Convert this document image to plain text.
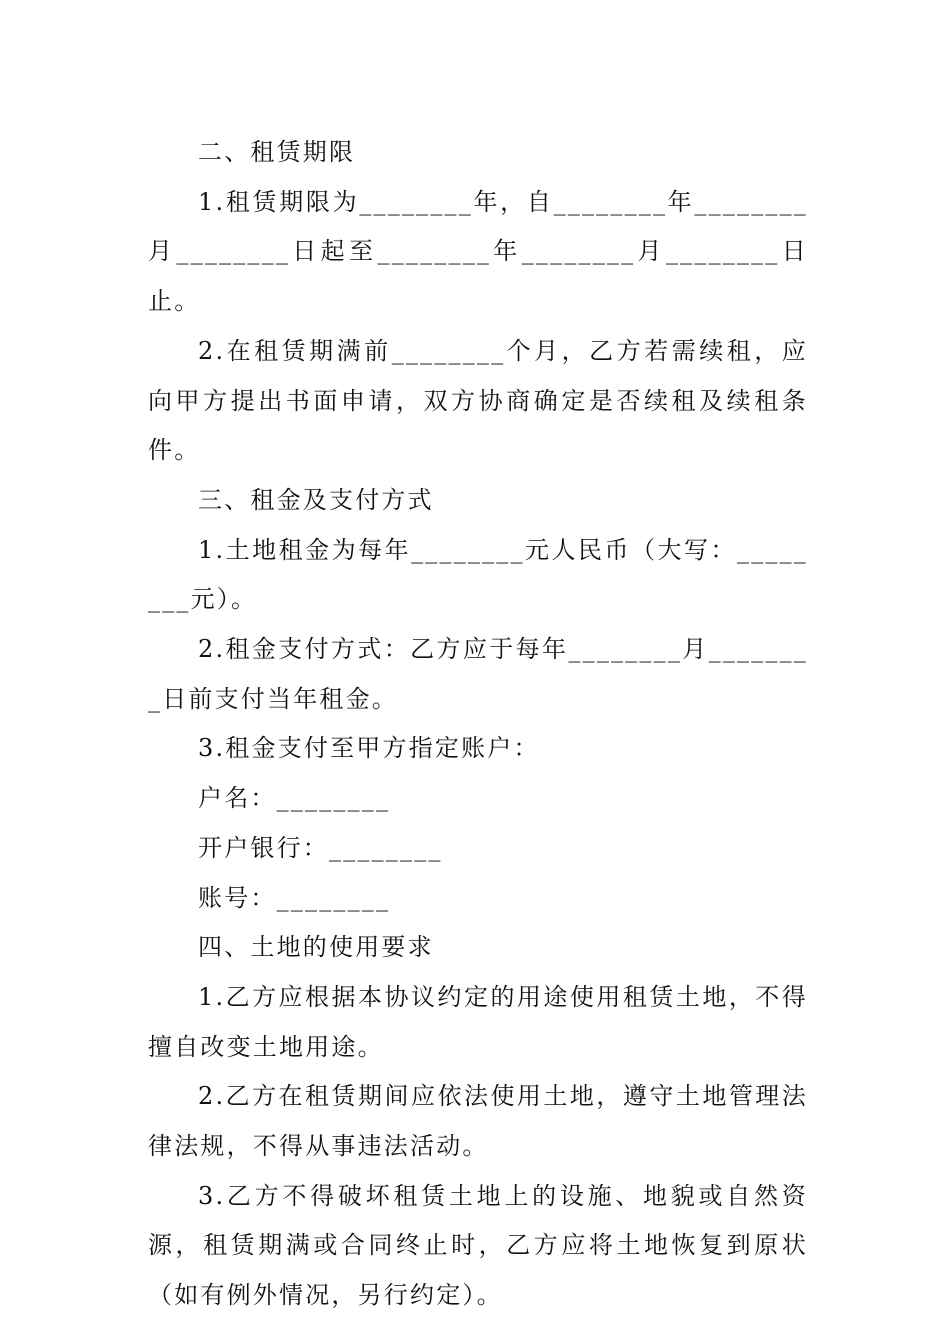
二、租赁期限

1.租赁期限为________年，自________年________月________日起至________年________月________日止。

2.在租赁期满前________个月，乙方若需续租，应向甲方提出书面申请，双方协商确定是否续租及续租条件。

三、租金及支付方式

1.土地租金为每年________元人民币（大写：________元）。

2.租金支付方式：乙方应于每年________月________日前支付当年租金。

3.租金支付至甲方指定账户：

户名：________

开户银行：________

账号：________

四、土地的使用要求

1.乙方应根据本协议约定的用途使用租赁土地，不得擅自改变土地用途。

2.乙方在租赁期间应依法使用土地，遵守土地管理法律法规，不得从事违法活动。

3.乙方不得破坏租赁土地上的设施、地貌或自然资源，租赁期满或合同终止时，乙方应将土地恢复到原状（如有例外情况，另行约定）。
